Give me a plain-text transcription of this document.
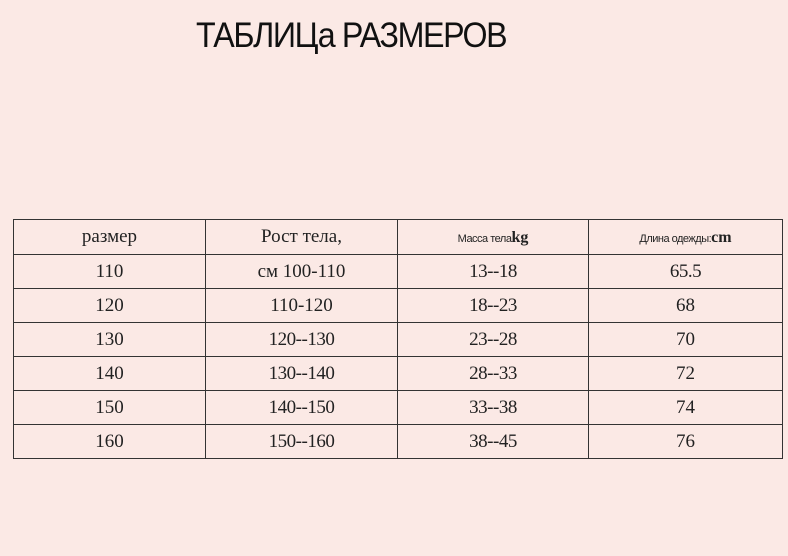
ТАБЛИЦа РАЗМЕРОВ
размер	Рост тела,	Масса телаkg	Длина одежды:cm
110	см 100-110	13--18	65.5
120	110-120	18--23	68
130	120--130	23--28	70
140	130--140	28--33	72
150	140--150	33--38	74
160	150--160	38--45	76
